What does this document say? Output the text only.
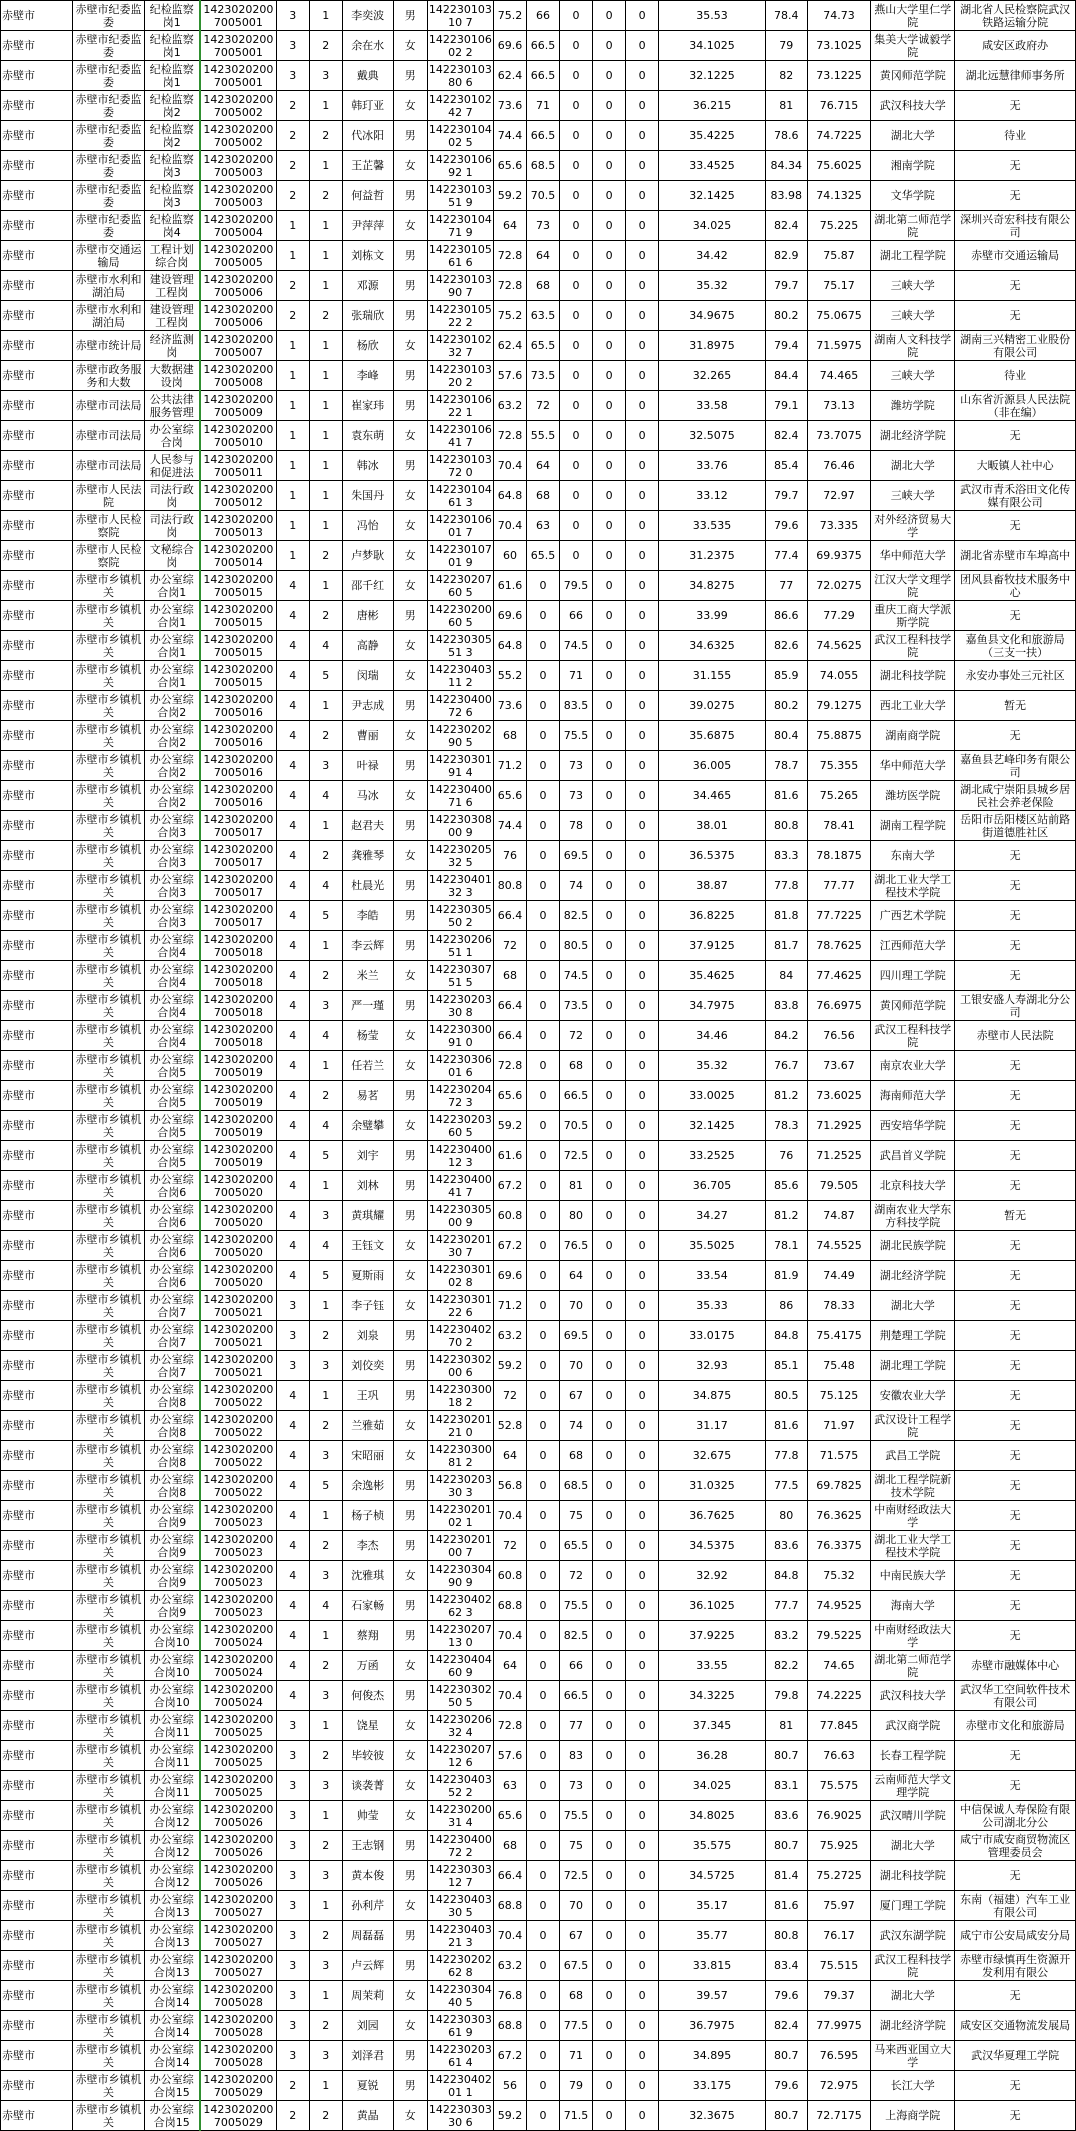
赤壁市	赤壁市纪委监委	纪检监察岗1	14230202007005001	3	1	李奕波	男	14223010310 7	75.2	66	0	0	0	35.53	78.4	74.73	燕山大学里仁学院	湖北省人民检察院武汉铁路运输分院
赤壁市	赤壁市纪委监委	纪检监察岗1	14230202007005001	3	2	余在水	女	14223010602 2	69.6	66.5	0	0	0	34.1025	79	73.1025	集美大学诚毅学院	咸安区政府办
赤壁市	赤壁市纪委监委	纪检监察岗1	14230202007005001	3	3	戴典	男	14223010380 6	62.4	66.5	0	0	0	32.1225	82	73.1225	黄冈师范学院	湖北远慧律师事务所
赤壁市	赤壁市纪委监委	纪检监察岗2	14230202007005002	2	1	韩玎亚	女	14223010242 7	73.6	71	0	0	0	36.215	81	76.715	武汉科技大学	无
赤壁市	赤壁市纪委监委	纪检监察岗2	14230202007005002	2	2	代冰阳	男	14223010402 5	74.4	66.5	0	0	0	35.4225	78.6	74.7225	湖北大学	待业
赤壁市	赤壁市纪委监委	纪检监察岗3	14230202007005003	2	1	王芷馨	女	14223010692 1	65.6	68.5	0	0	0	33.4525	84.34	75.6025	湘南学院	无
赤壁市	赤壁市纪委监委	纪检监察岗3	14230202007005003	2	2	何益哲	男	14223010351 9	59.2	70.5	0	0	0	32.1425	83.98	74.1325	文华学院	无
赤壁市	赤壁市纪委监委	纪检监察岗4	14230202007005004	1	1	尹萍萍	女	14223010471 9	64	73	0	0	0	34.025	82.4	75.225	湖北第二师范学院	深圳兴奇宏科技有限公司
赤壁市	赤壁市交通运输局	工程计划综合岗	14230202007005005	1	1	刘栋文	男	14223010561 6	72.8	64	0	0	0	34.42	82.9	75.87	湖北工程学院	赤壁市交通运输局
赤壁市	赤壁市水利和湖泊局	建设管理工程岗	14230202007005006	2	1	邓源	男	14223010390 7	72.8	68	0	0	0	35.32	79.7	75.17	三峡大学	无
赤壁市	赤壁市水利和湖泊局	建设管理工程岗	14230202007005006	2	2	张瑞欣	男	14223010522 2	75.2	63.5	0	0	0	34.9675	80.2	75.0675	三峡大学	无
赤壁市	赤壁市统计局	经济监测岗	14230202007005007	1	1	杨欣	女	14223010232 7	62.4	65.5	0	0	0	31.8975	79.4	71.5975	湖南人文科技学院	湖南三兴精密工业股份有限公司
赤壁市	赤壁市政务服务和大数	大数据建设岗	14230202007005008	1	1	李峰	男	14223010320 2	57.6	73.5	0	0	0	32.265	84.4	74.465	三峡大学	待业
赤壁市	赤壁市司法局	公共法律服务管理	14230202007005009	1	1	崔家玮	男	14223010622 1	63.2	72	0	0	0	33.58	79.1	73.13	潍坊学院	山东省沂源县人民法院（非在编）
赤壁市	赤壁市司法局	办公室综合岗	14230202007005010	1	1	袁东萌	女	14223010641 7	72.8	55.5	0	0	0	32.5075	82.4	73.7075	湖北经济学院	无
赤壁市	赤壁市司法局	人民参与和促进法	14230202007005011	1	1	韩冰	男	14223010372 0	70.4	64	0	0	0	33.76	85.4	76.46	湖北大学	大畈镇人社中心
赤壁市	赤壁市人民法院	司法行政岗	14230202007005012	1	1	朱国丹	女	14223010461 3	64.8	68	0	0	0	33.12	79.7	72.97	三峡大学	武汉市青禾浴田文化传媒有限公司
赤壁市	赤壁市人民检察院	司法行政岗	14230202007005013	1	1	冯怡	女	14223010601 7	70.4	63	0	0	0	33.535	79.6	73.335	对外经济贸易大学	无
赤壁市	赤壁市人民检察院	文秘综合岗	14230202007005014	1	2	卢梦耿	女	14223010701 9	60	65.5	0	0	0	31.2375	77.4	69.9375	华中师范大学	湖北省赤壁市车埠高中
赤壁市	赤壁市乡镇机关	办公室综合岗1	14230202007005015	4	1	邵千红	女	14223020760 5	61.6	0	79.5	0	0	34.8275	77	72.0275	江汉大学文理学院	团风县畜牧技术服务中心
赤壁市	赤壁市乡镇机关	办公室综合岗1	14230202007005015	4	2	唐彬	男	14223020060 5	69.6	0	66	0	0	33.99	86.6	77.29	重庆工商大学派斯学院	无
赤壁市	赤壁市乡镇机关	办公室综合岗1	14230202007005015	4	4	高静	女	14223030551 3	64.8	0	74.5	0	0	34.6325	82.6	74.5625	武汉工程科技学院	嘉鱼县文化和旅游局（三支一扶）
赤壁市	赤壁市乡镇机关	办公室综合岗1	14230202007005015	4	5	闵瑞	女	14223040311 2	55.2	0	71	0	0	31.155	85.9	74.055	湖北科技学院	永安办事处三元社区
赤壁市	赤壁市乡镇机关	办公室综合岗2	14230202007005016	4	1	尹志成	男	14223040072 6	73.6	0	83.5	0	0	39.0275	80.2	79.1275	西北工业大学	暂无
赤壁市	赤壁市乡镇机关	办公室综合岗2	14230202007005016	4	2	曹丽	女	14223020290 5	68	0	75.5	0	0	35.6875	80.4	75.8875	湖南商学院	无
赤壁市	赤壁市乡镇机关	办公室综合岗2	14230202007005016	4	3	叶禄	男	14223030191 4	71.2	0	73	0	0	36.005	78.7	75.355	华中师范大学	嘉鱼县艺峰印务有限公司
赤壁市	赤壁市乡镇机关	办公室综合岗2	14230202007005016	4	4	马冰	女	14223040071 6	65.6	0	73	0	0	34.465	81.6	75.265	潍坊医学院	湖北咸宁崇阳县城乡居民社会养老保险
赤壁市	赤壁市乡镇机关	办公室综合岗3	14230202007005017	4	1	赵君夫	男	14223030800 9	74.4	0	78	0	0	38.01	80.8	78.41	湖南工程学院	岳阳市岳阳楼区站前路街道德胜社区
赤壁市	赤壁市乡镇机关	办公室综合岗3	14230202007005017	4	2	龚雅琴	女	14223020532 5	76	0	69.5	0	0	36.5375	83.3	78.1875	东南大学	无
赤壁市	赤壁市乡镇机关	办公室综合岗3	14230202007005017	4	4	杜晨光	男	14223040132 3	80.8	0	74	0	0	38.87	77.8	77.77	湖北工业大学工程技术学院	无
赤壁市	赤壁市乡镇机关	办公室综合岗3	14230202007005017	4	5	李皓	男	14223030550 2	66.4	0	82.5	0	0	36.8225	81.8	77.7225	广西艺术学院	无
赤壁市	赤壁市乡镇机关	办公室综合岗4	14230202007005018	4	1	李云辉	男	14223020651 1	72	0	80.5	0	0	37.9125	81.7	78.7625	江西师范大学	无
赤壁市	赤壁市乡镇机关	办公室综合岗4	14230202007005018	4	2	米兰	女	14223030751 5	68	0	74.5	0	0	35.4625	84	77.4625	四川理工学院	无
赤壁市	赤壁市乡镇机关	办公室综合岗4	14230202007005018	4	3	严一瑾	男	14223020330 8	66.4	0	73.5	0	0	34.7975	83.8	76.6975	黄冈师范学院	工银安盛人寿湖北分公司
赤壁市	赤壁市乡镇机关	办公室综合岗4	14230202007005018	4	4	杨莹	女	14223030091 0	66.4	0	72	0	0	34.46	84.2	76.56	武汉工程科技学院	赤壁市人民法院
赤壁市	赤壁市乡镇机关	办公室综合岗5	14230202007005019	4	1	任若兰	女	14223030601 6	72.8	0	68	0	0	35.32	76.7	73.67	南京农业大学	无
赤壁市	赤壁市乡镇机关	办公室综合岗5	14230202007005019	4	2	易茗	男	14223020472 3	65.6	0	66.5	0	0	33.0025	81.2	73.6025	海南师范大学	无
赤壁市	赤壁市乡镇机关	办公室综合岗5	14230202007005019	4	4	余璧攀	女	14223020360 5	59.2	0	70.5	0	0	32.1425	78.3	71.2925	西安培华学院	无
赤壁市	赤壁市乡镇机关	办公室综合岗5	14230202007005019	4	5	刘宇	男	14223040012 3	61.6	0	72.5	0	0	33.2525	76	71.2525	武昌首义学院	无
赤壁市	赤壁市乡镇机关	办公室综合岗6	14230202007005020	4	1	刘林	男	14223040041 7	67.2	0	81	0	0	36.705	85.6	79.505	北京科技大学	无
赤壁市	赤壁市乡镇机关	办公室综合岗6	14230202007005020	4	3	黄琪耀	男	14223030500 9	60.8	0	80	0	0	34.27	81.2	74.87	湖南农业大学东方科技学院	暂无
赤壁市	赤壁市乡镇机关	办公室综合岗6	14230202007005020	4	4	王钰文	女	14223020130 7	67.2	0	76.5	0	0	35.5025	78.1	74.5525	湖北民族学院	无
赤壁市	赤壁市乡镇机关	办公室综合岗6	14230202007005020	4	5	夏斯雨	女	14223030102 8	69.6	0	64	0	0	33.54	81.9	74.49	湖北经济学院	无
赤壁市	赤壁市乡镇机关	办公室综合岗7	14230202007005021	3	1	李子钰	女	14223030122 6	71.2	0	70	0	0	35.33	86	78.33	湖北大学	无
赤壁市	赤壁市乡镇机关	办公室综合岗7	14230202007005021	3	2	刘泉	男	14223040270 2	63.2	0	69.5	0	0	33.0175	84.8	75.4175	荆楚理工学院	无
赤壁市	赤壁市乡镇机关	办公室综合岗7	14230202007005021	3	3	刘佼奕	男	14223030200 6	59.2	0	70	0	0	32.93	85.1	75.48	湖北理工学院	无
赤壁市	赤壁市乡镇机关	办公室综合岗8	14230202007005022	4	1	王巩	男	14223030018 2	72	0	67	0	0	34.875	80.5	75.125	安徽农业大学	无
赤壁市	赤壁市乡镇机关	办公室综合岗8	14230202007005022	4	2	兰雅茹	女	14223020121 0	52.8	0	74	0	0	31.17	81.6	71.97	武汉设计工程学院	无
赤壁市	赤壁市乡镇机关	办公室综合岗8	14230202007005022	4	3	宋昭丽	女	14223030081 2	64	0	68	0	0	32.675	77.8	71.575	武昌工学院	无
赤壁市	赤壁市乡镇机关	办公室综合岗8	14230202007005022	4	5	余逸彬	男	14223020330 3	56.8	0	68.5	0	0	31.0325	77.5	69.7825	湖北工程学院新技术学院	无
赤壁市	赤壁市乡镇机关	办公室综合岗9	14230202007005023	4	1	杨子桢	男	14223020102 1	70.4	0	75	0	0	36.7625	80	76.3625	中南财经政法大学	无
赤壁市	赤壁市乡镇机关	办公室综合岗9	14230202007005023	4	2	李杰	男	14223020100 7	72	0	65.5	0	0	34.5375	83.6	76.3375	湖北工业大学工程技术学院	无
赤壁市	赤壁市乡镇机关	办公室综合岗9	14230202007005023	4	3	沈雅琪	女	14223030490 9	60.8	0	72	0	0	32.92	84.8	75.32	中南民族大学	无
赤壁市	赤壁市乡镇机关	办公室综合岗9	14230202007005023	4	4	石家畅	男	14223040262 3	68.8	0	75.5	0	0	36.1025	77.7	74.9525	海南大学	无
赤壁市	赤壁市乡镇机关	办公室综合岗10	14230202007005024	4	1	蔡翔	男	14223020713 0	70.4	0	82.5	0	0	37.9225	83.2	79.5225	中南财经政法大学	无
赤壁市	赤壁市乡镇机关	办公室综合岗10	14230202007005024	4	2	万函	女	14223040460 9	64	0	66	0	0	33.55	82.2	74.65	湖北第二师范学院	赤壁市融媒体中心
赤壁市	赤壁市乡镇机关	办公室综合岗10	14230202007005024	4	3	何俊杰	男	14223030250 5	70.4	0	66.5	0	0	34.3225	79.8	74.2225	武汉科技大学	武汉华工空间软件技术有限公司
赤壁市	赤壁市乡镇机关	办公室综合岗11	14230202007005025	3	1	饶星	女	14223020632 4	72.8	0	77	0	0	37.345	81	77.845	武汉商学院	赤壁市文化和旅游局
赤壁市	赤壁市乡镇机关	办公室综合岗11	14230202007005025	3	2	毕较彼	女	14223020712 6	57.6	0	83	0	0	36.28	80.7	76.63	长春工程学院	无
赤壁市	赤壁市乡镇机关	办公室综合岗11	14230202007005025	3	3	谈袭菁	女	14223040352 2	63	0	73	0	0	34.025	83.1	75.575	云南师范大学文理学院	无
赤壁市	赤壁市乡镇机关	办公室综合岗12	14230202007005026	3	1	帅莹	女	14223020031 4	65.6	0	75.5	0	0	34.8025	83.6	76.9025	武汉晴川学院	中信保诚人寿保险有限公司湖北分公
赤壁市	赤壁市乡镇机关	办公室综合岗12	14230202007005026	3	2	王志钢	男	14223040072 2	68	0	75	0	0	35.575	80.7	75.925	湖北大学	咸宁市咸安商贸物流区管理委员会
赤壁市	赤壁市乡镇机关	办公室综合岗12	14230202007005026	3	3	黄本俊	男	14223030312 7	66.4	0	72.5	0	0	34.5725	81.4	75.2725	湖北科技学院	无
赤壁市	赤壁市乡镇机关	办公室综合岗13	14230202007005027	3	1	孙利芹	女	14223040330 5	68.8	0	70	0	0	35.17	81.6	75.97	厦门理工学院	东南（福建）汽车工业有限公司
赤壁市	赤壁市乡镇机关	办公室综合岗13	14230202007005027	3	2	周磊磊	男	14223040321 3	70.4	0	67	0	0	35.77	80.8	76.17	武汉东湖学院	咸宁市公安局咸安分局
赤壁市	赤壁市乡镇机关	办公室综合岗13	14230202007005027	3	3	卢云辉	男	14223020262 8	63.2	0	67.5	0	0	33.815	83.4	75.515	武汉工程科技学院	赤壁市绿慎再生资源开发利用有限公
赤壁市	赤壁市乡镇机关	办公室综合岗14	14230202007005028	3	1	周茉莉	女	14223030440 5	76.8	0	68	0	0	39.57	79.6	79.37	湖北大学	无
赤壁市	赤壁市乡镇机关	办公室综合岗14	14230202007005028	3	2	刘园	女	14223030361 9	68.8	0	77.5	0	0	36.7975	82.4	77.9975	湖北经济学院	咸安区交通物流发展局
赤壁市	赤壁市乡镇机关	办公室综合岗14	14230202007005028	3	3	刘泽君	男	14223020361 4	67.2	0	71	0	0	34.895	80.7	76.595	马来西亚国立大学	武汉华夏理工学院
赤壁市	赤壁市乡镇机关	办公室综合岗15	14230202007005029	2	1	夏锐	男	14223040201 1	56	0	79	0	0	33.175	79.6	72.975	长江大学	无
赤壁市	赤壁市乡镇机关	办公室综合岗15	14230202007005029	2	2	黄晶	女	14223030330 6	59.2	0	71.5	0	0	32.3675	80.7	72.7175	上海商学院	无
